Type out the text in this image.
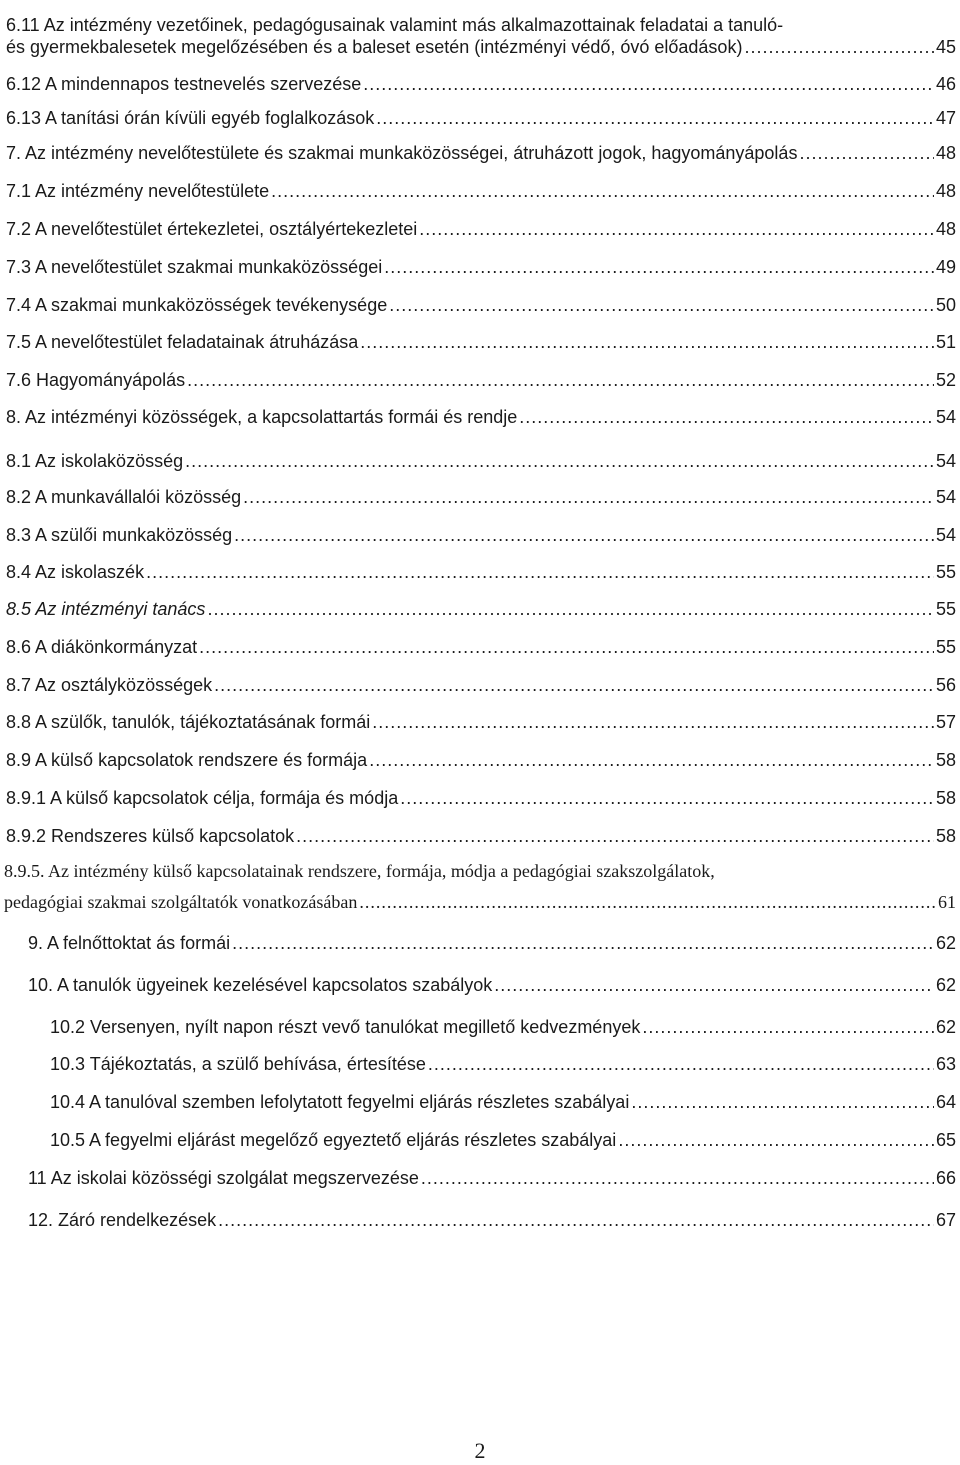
6.11 Az intézmény vezetőinek, pedagógusainak valamint más alkalmazottainak feladatai a tanuló-
és gyermekbalesetek megelőzésében és a baleset esetén (intézményi védő, óvó előadások) .....	45
6.12 A mindennapos testnevelés szervezése .....	46
6.13 A tanítási órán kívüli egyéb foglalkozások .....	47
7. Az intézmény nevelőtestülete és szakmai munkaközösségei, átruházott jogok, hagyományápolás .....	48
7.1 Az intézmény nevelőtestülete .....	48
7.2 A nevelőtestület értekezletei, osztályértekezletei .....	48
7.3 A nevelőtestület szakmai munkaközösségei .....	49
7.4 A szakmai munkaközösségek tevékenysége .....	50
7.5 A nevelőtestület feladatainak átruházása .....	51
7.6 Hagyományápolás .....	52
8. Az intézményi közösségek, a kapcsolattartás formái és rendje .....	54
8.1 Az iskolaközösség .....	54
8.2 A munkavállalói közösség .....	54
8.3 A szülői munkaközösség .....	54
8.4 Az iskolaszék .....	55
8.5 Az intézményi tanács .....	55
8.6 A diákönkormányzat .....	55
8.7 Az osztályközösségek .....	56
8.8 A szülők, tanulók, tájékoztatásának formái .....	57
8.9 A külső kapcsolatok rendszere és formája .....	58
8.9.1 A külső kapcsolatok célja, formája és módja .....	58
8.9.2 Rendszeres külső kapcsolatok .....	58
8.9.5. Az intézmény külső kapcsolatainak rendszere, formája, módja a pedagógiai szakszolgálatok,
pedagógiai szakmai szolgáltatók vonatkozásában .....	61
9. A felnőttoktat ás formái .....	62
10. A tanulók ügyeinek kezelésével kapcsolatos szabályok .....	62
10.2 Versenyen, nyílt napon részt vevő tanulókat megillető kedvezmények .....	62
10.3 Tájékoztatás, a szülő behívása, értesítése .....	63
10.4 A tanulóval szemben lefolytatott fegyelmi eljárás részletes szabályai .....	64
10.5 A fegyelmi eljárást megelőző egyeztető eljárás részletes szabályai .....	65
11 Az iskolai közösségi szolgálat megszervezése .....	66
12. Záró rendelkezések .....	67
2
